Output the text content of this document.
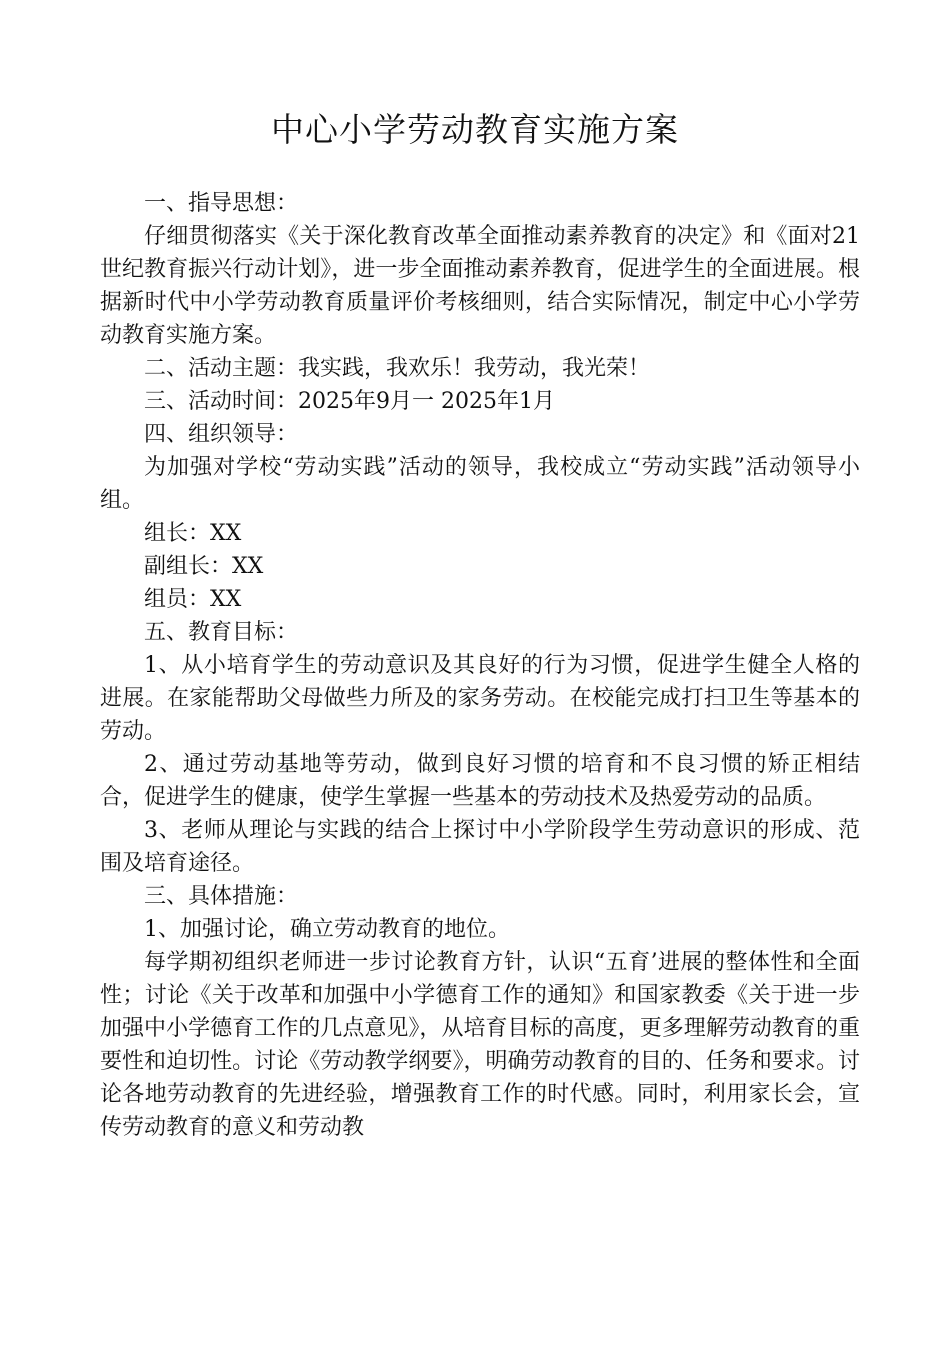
中心小学劳动教育实施方案

一、指导思想：

仔细贯彻落实《关于深化教育改革全面推动素养教育的决定》和《面对21世纪教育振兴行动计划》，进一步全面推动素养教育，促进学生的全面进展。根据新时代中小学劳动教育质量评价考核细则，结合实际情况，制定中心小学劳动教育实施方案。

二、活动主题：我实践，我欢乐！我劳动，我光荣！

三、活动时间：2025年9月一 2025年1月

四、组织领导：

为加强对学校“劳动实践”活动的领导，我校成立“劳动实践”活动领导小组。

组长：XX

副组长：XX

组员：XX

五、教育目标：

1、从小培育学生的劳动意识及其良好的行为习惯，促进学生健全人格的进展。在家能帮助父母做些力所及的家务劳动。在校能完成打扫卫生等基本的劳动。

2、通过劳动基地等劳动，做到良好习惯的培育和不良习惯的矫正相结合，促进学生的健康，使学生掌握一些基本的劳动技术及热爱劳动的品质。

3、老师从理论与实践的结合上探讨中小学阶段学生劳动意识的形成、范围及培育途径。

三、具体措施：

1、加强讨论，确立劳动教育的地位。

每学期初组织老师进一步讨论教育方针，认识“五育’进展的整体性和全面性；讨论《关于改革和加强中小学德育工作的通知》和国家教委《关于进一步加强中小学德育工作的几点意见》，从培育目标的高度，更多理解劳动教育的重要性和迫切性。讨论《劳动教学纲要》，明确劳动教育的目的、任务和要求。讨论各地劳动教育的先进经验，增强教育工作的时代感。同时，利用家长会，宣传劳动教育的意义和劳动教
